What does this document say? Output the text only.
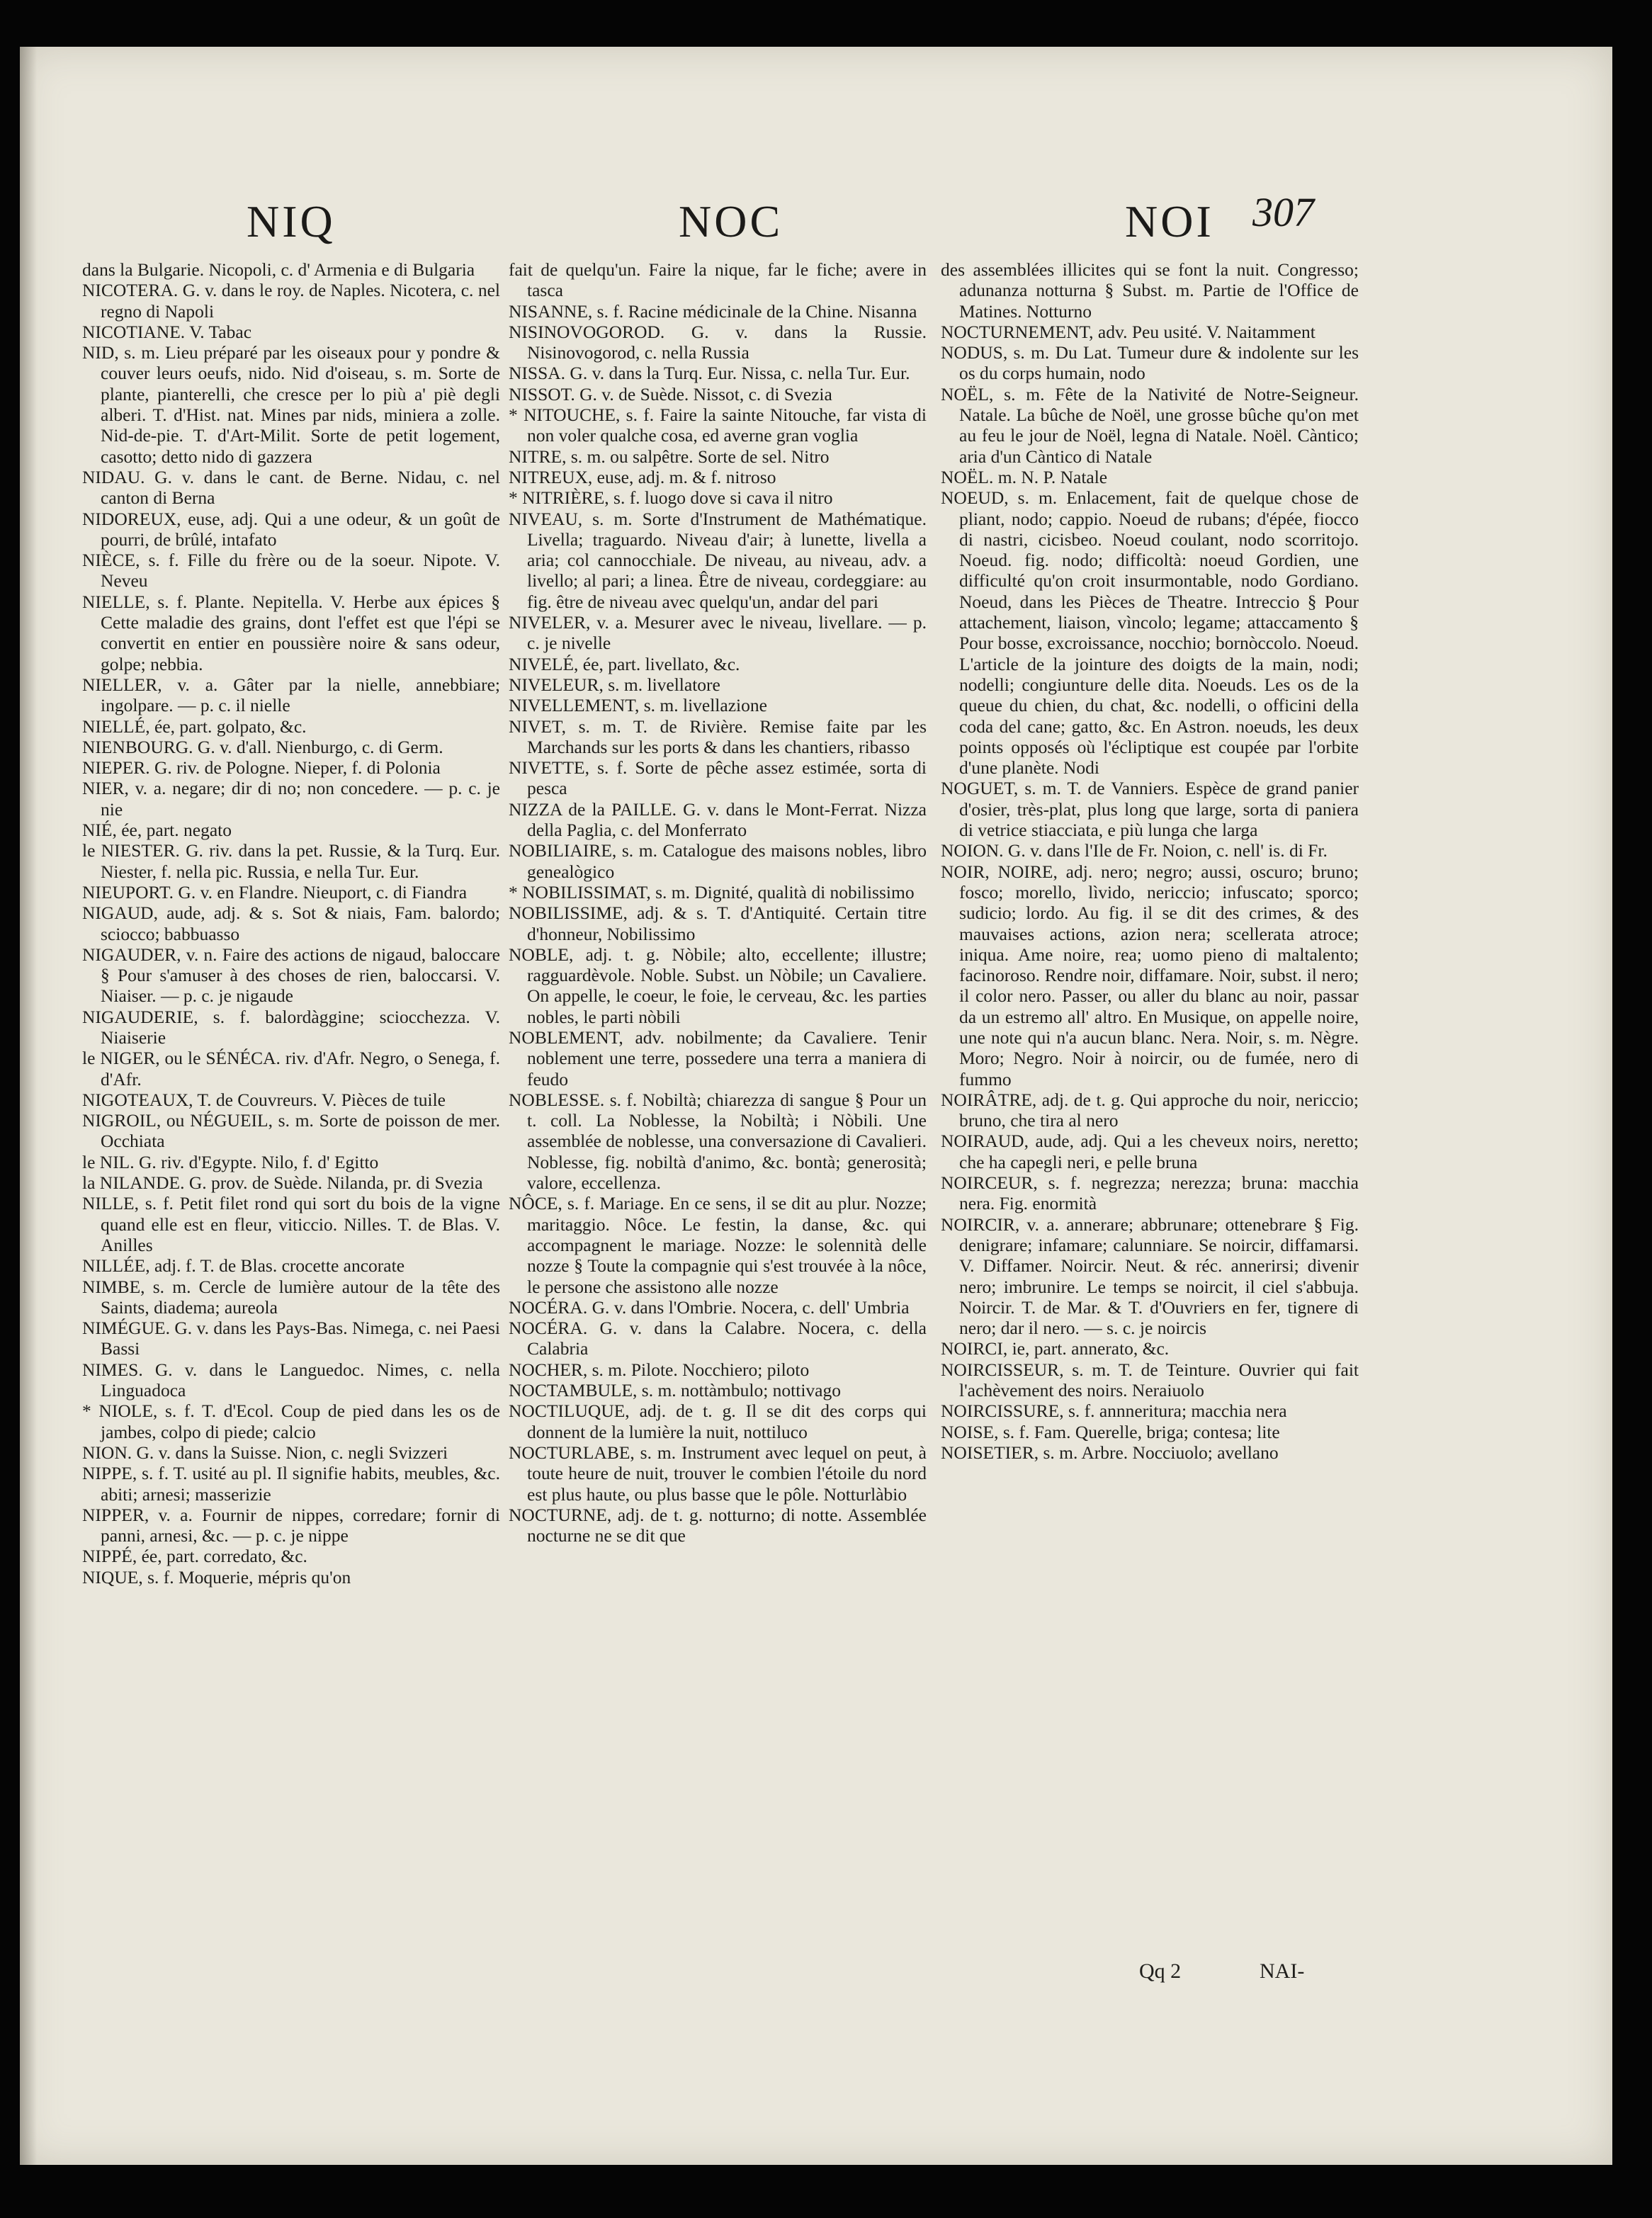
NIQ	NOC	NOI 307

dans la Bulgarie. Nicopoli, c. d' Armenia e di Bulgaria

NICOTERA. G. v. dans le roy. de Naples. Nicotera, c. nel regno di Napoli

NICOTIANE. V. Tabac

NID, s. m. Lieu préparé par les oiseaux pour y pondre & couver leurs oeufs, nido. Nid d'oiseau, s. m. Sorte de plante, pianterelli, che cresce per lo più a' piè degli alberi. T. d'Hist. nat. Mines par nids, miniera a zolle. Nid-de-pie. T. d'Art-Milit. Sorte de petit logement, casotto; detto nido di gazzera

NIDAU. G. v. dans le cant. de Berne. Nidau, c. nel canton di Berna

NIDOREUX, euse, adj. Qui a une odeur, & un goût de pourri, de brûlé, intafato

NIÈCE, s. f. Fille du frère ou de la soeur. Nipote. V. Neveu

NIELLE, s. f. Plante. Nepitella. V. Herbe aux épices § Cette maladie des grains, dont l'effet est que l'épi se convertit en entier en poussière noire & sans odeur, golpe; nebbia.

NIELLER, v. a. Gâter par la nielle, annebbiare; ingolpare. — p. c. il nielle

NIELLÉ, ée, part. golpato, &c.

NIENBOURG. G. v. d'all. Nienburgo, c. di Germ.

NIEPER. G. riv. de Pologne. Nieper, f. di Polonia

NIER, v. a. negare; dir di no; non concedere. — p. c. je nie

NIÉ, ée, part. negato

le NIESTER. G. riv. dans la pet. Russie, & la Turq. Eur. Niester, f. nella pic. Russia, e nella Tur. Eur.

NIEUPORT. G. v. en Flandre. Nieuport, c. di Fiandra

NIGAUD, aude, adj. & s. Sot & niais, Fam. balordo; sciocco; babbuasso

NIGAUDER, v. n. Faire des actions de nigaud, baloccare § Pour s'amuser à des choses de rien, baloccarsi. V. Niaiser. — p. c. je nigaude

NIGAUDERIE, s. f. balordàggine; sciocchezza. V. Niaiserie

le NIGER, ou le SÉNÉCA. riv. d'Afr. Negro, o Senega, f. d'Afr.

NIGOTEAUX, T. de Couvreurs. V. Pièces de tuile

NIGROIL, ou NÉGUEIL, s. m. Sorte de poisson de mer. Occhiata

le NIL. G. riv. d'Egypte. Nilo, f. d' Egitto

la NILANDE. G. prov. de Suède. Nilanda, pr. di Svezia

NILLE, s. f. Petit filet rond qui sort du bois de la vigne quand elle est en fleur, viticcio. Nilles. T. de Blas. V. Anilles

NILLÉE, adj. f. T. de Blas. crocette ancorate

NIMBE, s. m. Cercle de lumière autour de la tête des Saints, diadema; aureola

NIMÉGUE. G. v. dans les Pays-Bas. Nimega, c. nei Paesi Bassi

NIMES. G. v. dans le Languedoc. Nimes, c. nella Linguadoca

* NIOLE, s. f. T. d'Ecol. Coup de pied dans les os de jambes, colpo di piede; calcio

NION. G. v. dans la Suisse. Nion, c. negli Svizzeri

NIPPE, s. f. T. usité au pl. Il signifie habits, meubles, &c. abiti; arnesi; masserizie

NIPPER, v. a. Fournir de nippes, corredare; fornir di panni, arnesi, &c. — p. c. je nippe

NIPPÉ, ée, part. corredato, &c.

NIQUE, s. f. Moquerie, mépris qu'on

fait de quelqu'un. Faire la nique, far le fiche; avere in tasca

NISANNE, s. f. Racine médicinale de la Chine. Nisanna

NISINOVOGOROD. G. v. dans la Russie. Nisinovogorod, c. nella Russia

NISSA. G. v. dans la Turq. Eur. Nissa, c. nella Tur. Eur.

NISSOT. G. v. de Suède. Nissot, c. di Svezia

* NITOUCHE, s. f. Faire la sainte Nitouche, far vista di non voler qualche cosa, ed averne gran voglia

NITRE, s. m. ou salpêtre. Sorte de sel. Nitro

NITREUX, euse, adj. m. & f. nitroso

* NITRIÈRE, s. f. luogo dove si cava il nitro

NIVEAU, s. m. Sorte d'Instrument de Mathématique. Livella; traguardo. Niveau d'air; à lunette, livella a aria; col cannocchiale. De niveau, au niveau, adv. a livello; al pari; a linea. Être de niveau, cordeggiare: au fig. être de niveau avec quelqu'un, andar del pari

NIVELER, v. a. Mesurer avec le niveau, livellare. — p. c. je nivelle

NIVELÉ, ée, part. livellato, &c.

NIVELEUR, s. m. livellatore

NIVELLEMENT, s. m. livellazione

NIVET, s. m. T. de Rivière. Remise faite par les Marchands sur les ports & dans les chantiers, ribasso

NIVETTE, s. f. Sorte de pêche assez estimée, sorta di pesca

NIZZA de la PAILLE. G. v. dans le Mont-Ferrat. Nizza della Paglia, c. del Monferrato

NOBILIAIRE, s. m. Catalogue des maisons nobles, libro genealògico

* NOBILISSIMAT, s. m. Dignité, qualità di nobilissimo

NOBILISSIME, adj. & s. T. d'Antiquité. Certain titre d'honneur, Nobilissimo

NOBLE, adj. t. g. Nòbile; alto, eccellente; illustre; ragguardèvole. Noble. Subst. un Nòbile; un Cavaliere. On appelle, le coeur, le foie, le cerveau, &c. les parties nobles, le parti nòbili

NOBLEMENT, adv. nobilmente; da Cavaliere. Tenir noblement une terre, possedere una terra a maniera di feudo

NOBLESSE. s. f. Nobiltà; chiarezza di sangue § Pour un t. coll. La Noblesse, la Nobiltà; i Nòbili. Une assemblée de noblesse, una conversazione di Cavalieri. Noblesse, fig. nobiltà d'animo, &c. bontà; generosità; valore, eccellenza.

NÔCE, s. f. Mariage. En ce sens, il se dit au plur. Nozze; maritaggio. Nôce. Le festin, la danse, &c. qui accompagnent le mariage. Nozze: le solennità delle nozze § Toute la compagnie qui s'est trouvée à la nôce, le persone che assistono alle nozze

NOCÉRA. G. v. dans l'Ombrie. Nocera, c. dell' Umbria

NOCÉRA. G. v. dans la Calabre. Nocera, c. della Calabria

NOCHER, s. m. Pilote. Nocchiero; piloto

NOCTAMBULE, s. m. nottàmbulo; nottivago

NOCTILUQUE, adj. de t. g. Il se dit des corps qui donnent de la lumière la nuit, nottiluco

NOCTURLABE, s. m. Instrument avec lequel on peut, à toute heure de nuit, trouver le combien l'étoile du nord est plus haute, ou plus basse que le pôle. Notturlàbio

NOCTURNE, adj. de t. g. notturno; di notte. Assemblée nocturne ne se dit que

des assemblées illicites qui se font la nuit. Congresso; adunanza notturna § Subst. m. Partie de l'Office de Matines. Notturno

NOCTURNEMENT, adv. Peu usité. V. Naitamment

NODUS, s. m. Du Lat. Tumeur dure & indolente sur les os du corps humain, nodo

NOËL, s. m. Fête de la Nativité de Notre-Seigneur. Natale. La bûche de Noël, une grosse bûche qu'on met au feu le jour de Noël, legna di Natale. Noël. Càntico; aria d'un Càntico di Natale

NOËL. m. N. P. Natale

NOEUD, s. m. Enlacement, fait de quelque chose de pliant, nodo; cappio. Noeud de rubans; d'épée, fiocco di nastri, cicisbeo. Noeud coulant, nodo scorritojo. Noeud. fig. nodo; difficoltà: noeud Gordien, une difficulté qu'on croit insurmontable, nodo Gordiano. Noeud, dans les Pièces de Theatre. Intreccio § Pour attachement, liaison, vìncolo; legame; attaccamento § Pour bosse, excroissance, nocchio; bornòccolo. Noeud. L'article de la jointure des doigts de la main, nodi; nodelli; congiunture delle dita. Noeuds. Les os de la queue du chien, du chat, &c. nodelli, o officini della coda del cane; gatto, &c. En Astron. noeuds, les deux points opposés où l'écliptique est coupée par l'orbite d'une planète. Nodi

NOGUET, s. m. T. de Vanniers. Espèce de grand panier d'osier, très-plat, plus long que large, sorta di paniera di vetrice stiacciata, e più lunga che larga

NOION. G. v. dans l'Ile de Fr. Noion, c. nell' is. di Fr.

NOIR, NOIRE, adj. nero; negro; aussi, oscuro; bruno; fosco; morello, lìvido, nericcio; infuscato; sporco; sudicio; lordo. Au fig. il se dit des crimes, & des mauvaises actions, azion nera; scellerata atroce; iniqua. Ame noire, rea; uomo pieno di maltalento; facinoroso. Rendre noir, diffamare. Noir, subst. il nero; il color nero. Passer, ou aller du blanc au noir, passar da un estremo all' altro. En Musique, on appelle noire, une note qui n'a aucun blanc. Nera. Noir, s. m. Nègre. Moro; Negro. Noir à noircir, ou de fumée, nero di fummo

NOIRÂTRE, adj. de t. g. Qui approche du noir, nericcio; bruno, che tira al nero

NOIRAUD, aude, adj. Qui a les cheveux noirs, neretto; che ha capegli neri, e pelle bruna

NOIRCEUR, s. f. negrezza; nerezza; bruna: macchia nera. Fig. enormità

NOIRCIR, v. a. annerare; abbrunare; ottenebrare § Fig. denigrare; infamare; calunniare. Se noircir, diffamarsi. V. Diffamer. Noircir. Neut. & réc. annerirsi; divenir nero; imbrunire. Le temps se noircit, il ciel s'abbuja. Noircir. T. de Mar. & T. d'Ouvriers en fer, tignere di nero; dar il nero. — s. c. je noircis

NOIRCI, ie, part. annerato, &c.

NOIRCISSEUR, s. m. T. de Teinture. Ouvrier qui fait l'achèvement des noirs. Neraiuolo

NOIRCISSURE, s. f. annneritura; macchia nera

NOISE, s. f. Fam. Querelle, briga; contesa; lite

NOISETIER, s. m. Arbre. Nocciuolo; avellano

Qq 2	NAI-
